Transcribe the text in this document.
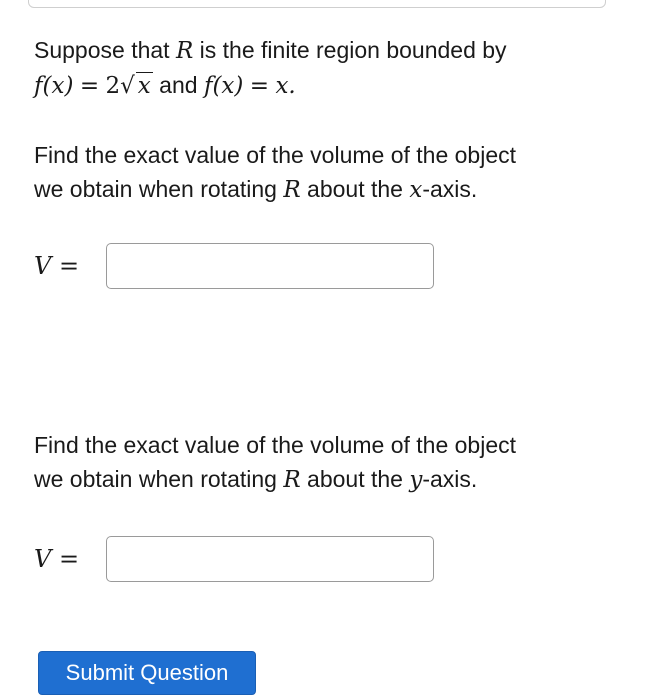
Suppose that R is the finite region bounded by
f(x) = 2√ x and f(x) = x.
Find the exact value of the volume of the object
we obtain when rotating R about the x-axis.
V =
Find the exact value of the volume of the object
we obtain when rotating R about the y-axis.
V =
Submit Question
